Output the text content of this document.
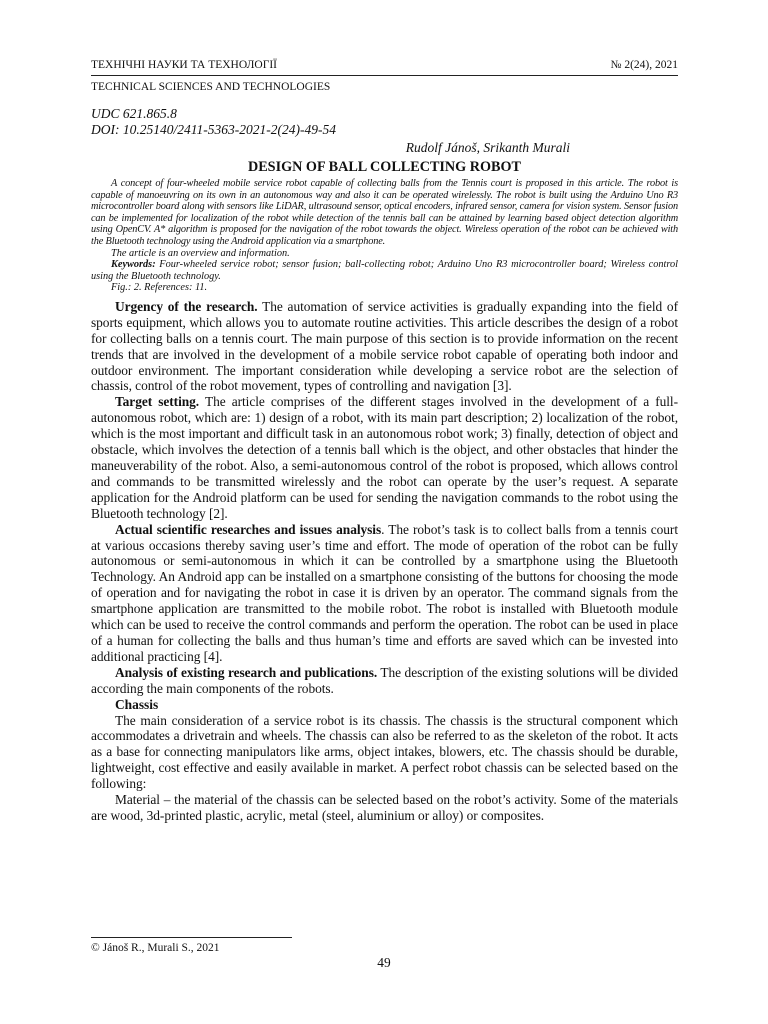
ТЕХНІЧНІ НАУКИ ТА ТЕХНОЛОГІЇ	№ 2(24), 2021
TECHNICAL SCIENCES AND TECHNOLOGIES
UDC 621.865.8
DOI: 10.25140/2411-5363-2021-2(24)-49-54
Rudolf Jánoš, Srikanth Murali
DESIGN OF BALL COLLECTING ROBOT

A concept of four-wheeled mobile service robot capable of collecting balls from the Tennis court is proposed in this article. The robot is capable of manoeuvring on its own in an autonomous way and also it can be operated wirelessly. The robot is built using the Arduino Uno R3 microcontroller board along with sensors like LiDAR, ultrasound sensor, optical encoders, infrared sensor, camera for vision system. Sensor fusion can be implemented for localization of the robot while detection of the tennis ball can be attained by learning based object detection algorithm using OpenCV. A* algorithm is proposed for the navigation of the robot towards the object. Wireless operation of the robot can be achieved with the Bluetooth technology using the Android application via a smartphone.

The article is an overview and information.
Keywords: Four-wheeled service robot; sensor fusion; ball-collecting robot; Arduino Uno R3 microcontroller board; Wireless control using the Bluetooth technology.
Fig.: 2. References: 11.

Urgency of the research. The automation of service activities is gradually expanding into the field of sports equipment, which allows you to automate routine activities. This article describes the design of a robot for collecting balls on a tennis court. The main purpose of this section is to provide information on the recent trends that are involved in the development of a mobile service robot capable of operating both indoor and outdoor environment. The important consideration while developing a service robot are the selection of chassis, control of the robot movement, types of controlling and navigation [3].

Target setting. The article comprises of the different stages involved in the development of a full-autonomous robot, which are: 1) design of a robot, with its main part description; 2) localization of the robot, which is the most important and difficult task in an autonomous robot work; 3) finally, detection of object and obstacle, which involves the detection of a tennis ball which is the object, and other obstacles that hinder the maneuverability of the robot. Also, a semi-autonomous control of the robot is proposed, which allows control and commands to be transmitted wirelessly and the robot can operate by the user’s request. A separate application for the Android platform can be used for sending the navigation commands to the robot using the Bluetooth technology [2].

Actual scientific researches and issues analysis. The robot’s task is to collect balls from a tennis court at various occasions thereby saving user’s time and effort. The mode of operation of the robot can be fully autonomous or semi-autonomous in which it can be controlled by a smartphone using the Bluetooth Technology. An Android app can be installed on a smartphone consisting of the buttons for choosing the mode of operation and for navigating the robot in case it is driven by an operator. The command signals from the smartphone application are transmitted to the mobile robot. The robot is installed with Bluetooth module which can be used to receive the control commands and perform the operation. The robot can be used in place of a human for collecting the balls and thus human’s time and efforts are saved which can be invested into additional practicing [4].

Analysis of existing research and publications. The description of the existing solutions will be divided according the main components of the robots.

Chassis

The main consideration of a service robot is its chassis. The chassis is the structural component which accommodates a drivetrain and wheels. The chassis can also be referred to as the skeleton of the robot. It acts as a base for connecting manipulators like arms, object intakes, blowers, etc. The chassis should be durable, lightweight, cost effective and easily available in market. A perfect robot chassis can be selected based on the following:

Material – the material of the chassis can be selected based on the robot’s activity. Some of the materials are wood, 3d-printed plastic, acrylic, metal (steel, aluminium or alloy) or composites.

© Jánoš R., Murali S., 2021
49
